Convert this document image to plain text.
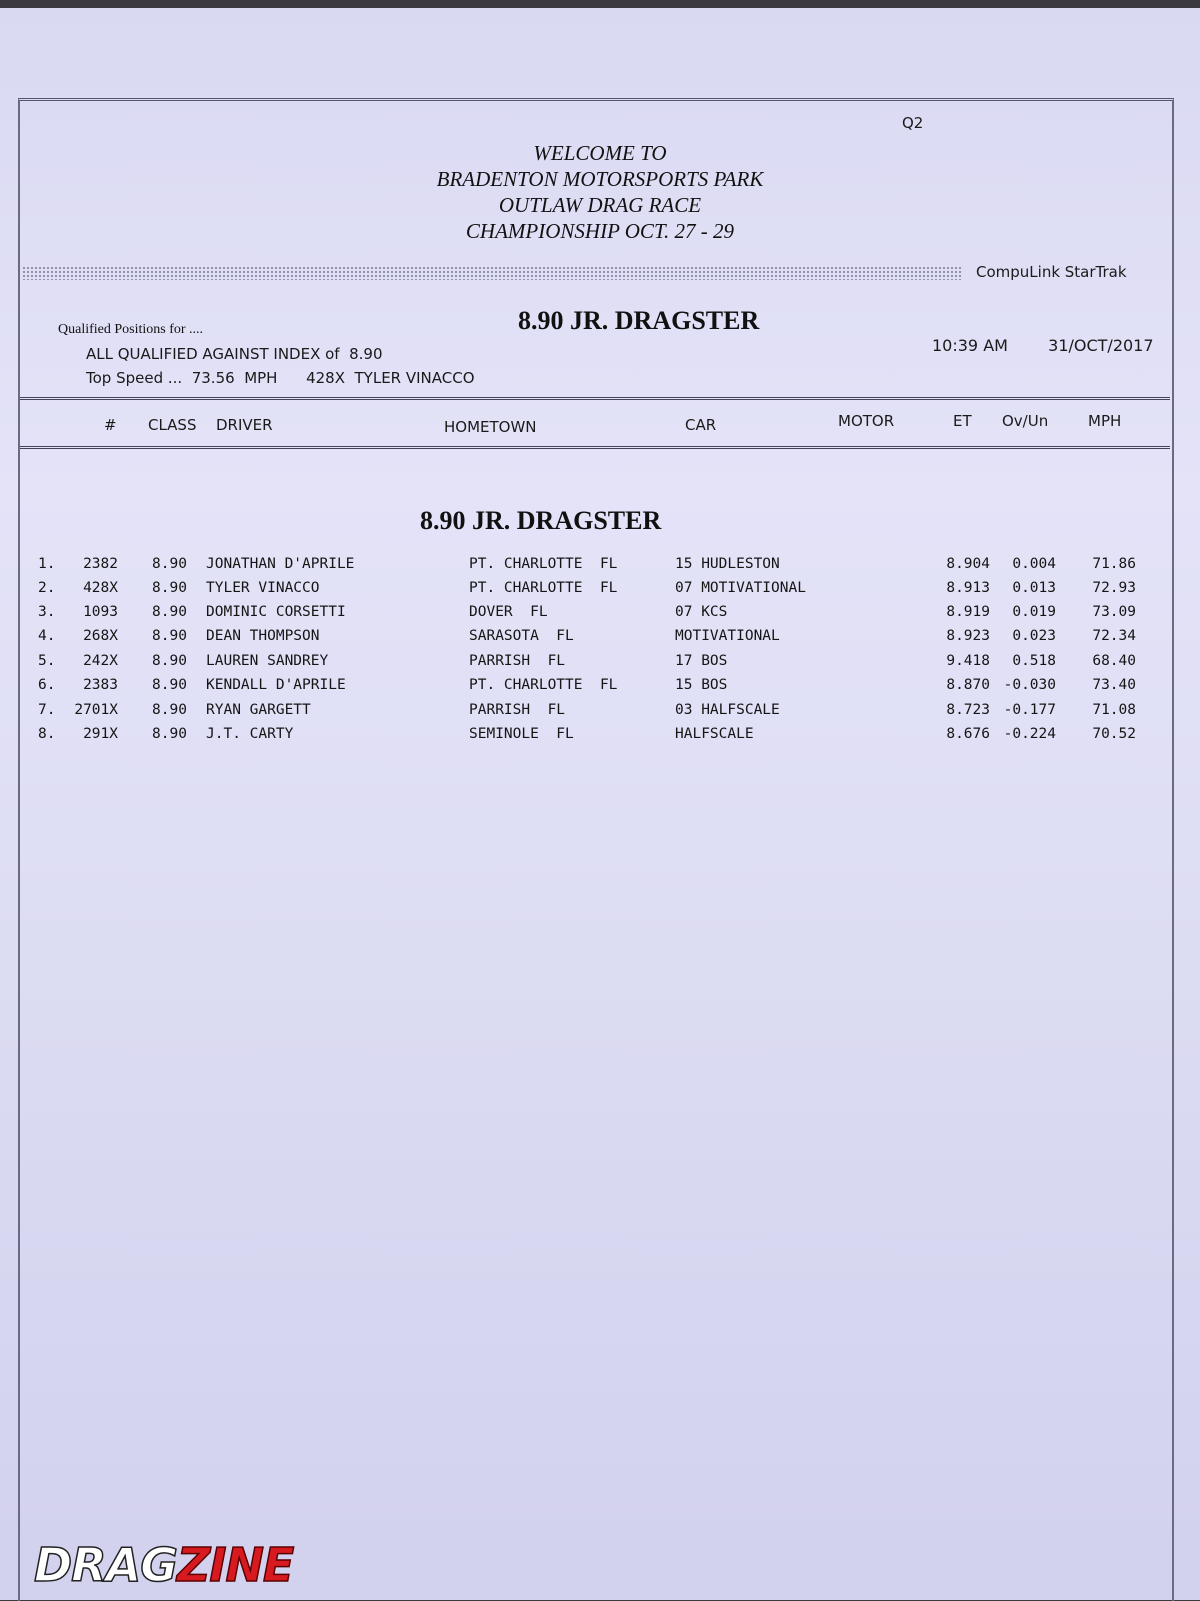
Q2
WELCOME TO
BRADENTON MOTORSPORTS PARK
OUTLAW DRAG RACE
CHAMPIONSHIP OCT. 27 - 29
CompuLink StarTrak
Qualified Positions for ....
ALL QUALIFIED AGAINST INDEX of  8.90
Top Speed ...  73.56  MPH      428X  TYLER VINACCO
8.90 JR. DRAGSTER
10:39 AM	31/OCT/2017
# CLASS DRIVER	HOMETOWN	CAR	MOTOR	ET Ov/Un	MPH
8.90 JR. DRAGSTER
1.	2382 8.90 JONATHAN D'APRILE	PT. CHARLOTTE  FL	15 HUDLESTON	8.904	0.004	71.86
2.	428X 8.90 TYLER VINACCO	PT. CHARLOTTE  FL	07 MOTIVATIONAL	8.913	0.013	72.93
3.	1093 8.90 DOMINIC CORSETTI	DOVER  FL	07 KCS	8.919	0.019	73.09
4.	268X 8.90 DEAN THOMPSON	SARASOTA  FL	MOTIVATIONAL	8.923	0.023	72.34
5.	242X 8.90 LAUREN SANDREY	PARRISH  FL	17 BOS	9.418	0.518	68.40
6.	2383 8.90 KENDALL D'APRILE	PT. CHARLOTTE  FL	15 BOS	8.870 -0.030	73.40
7. 2701X 8.90 RYAN GARGETT	PARRISH  FL	03 HALFSCALE	8.723 -0.177	71.08
8.	291X 8.90 J.T. CARTY	SEMINOLE  FL	HALFSCALE	8.676 -0.224	70.52
DRAGZINE
